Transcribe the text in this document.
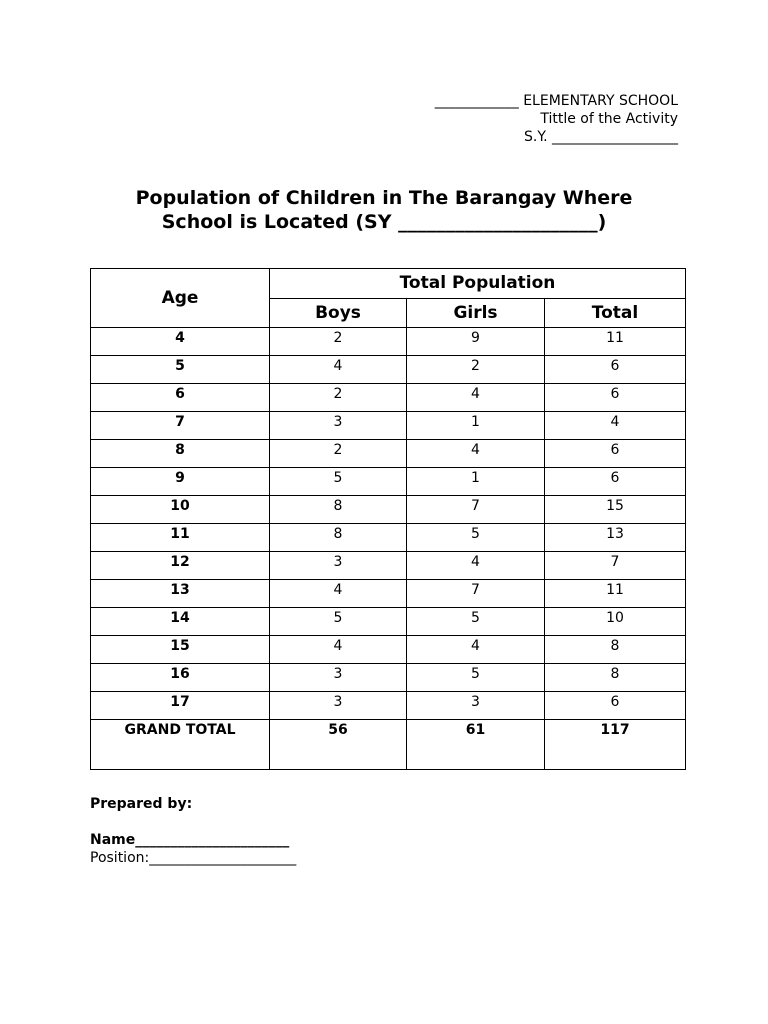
____________ ELEMENTARY SCHOOL
Tittle of the Activity
S.Y. __________________
Population of Children in The Barangay Where
School is Located (SY _____________________)
Age	Total Population		
	Boys	Girls	Total
4	2	9	11
5	4	2	6
6	2	4	6
7	3	1	4
8	2	4	6
9	5	1	6
10	8	7	15
11	8	5	13
12	3	4	7
13	4	7	11
14	5	5	10
15	4	4	8
16	3	5	8
17	3	3	6
GRAND TOTAL	56	61	117
Prepared by:
Name______________________
Position:_____________________
